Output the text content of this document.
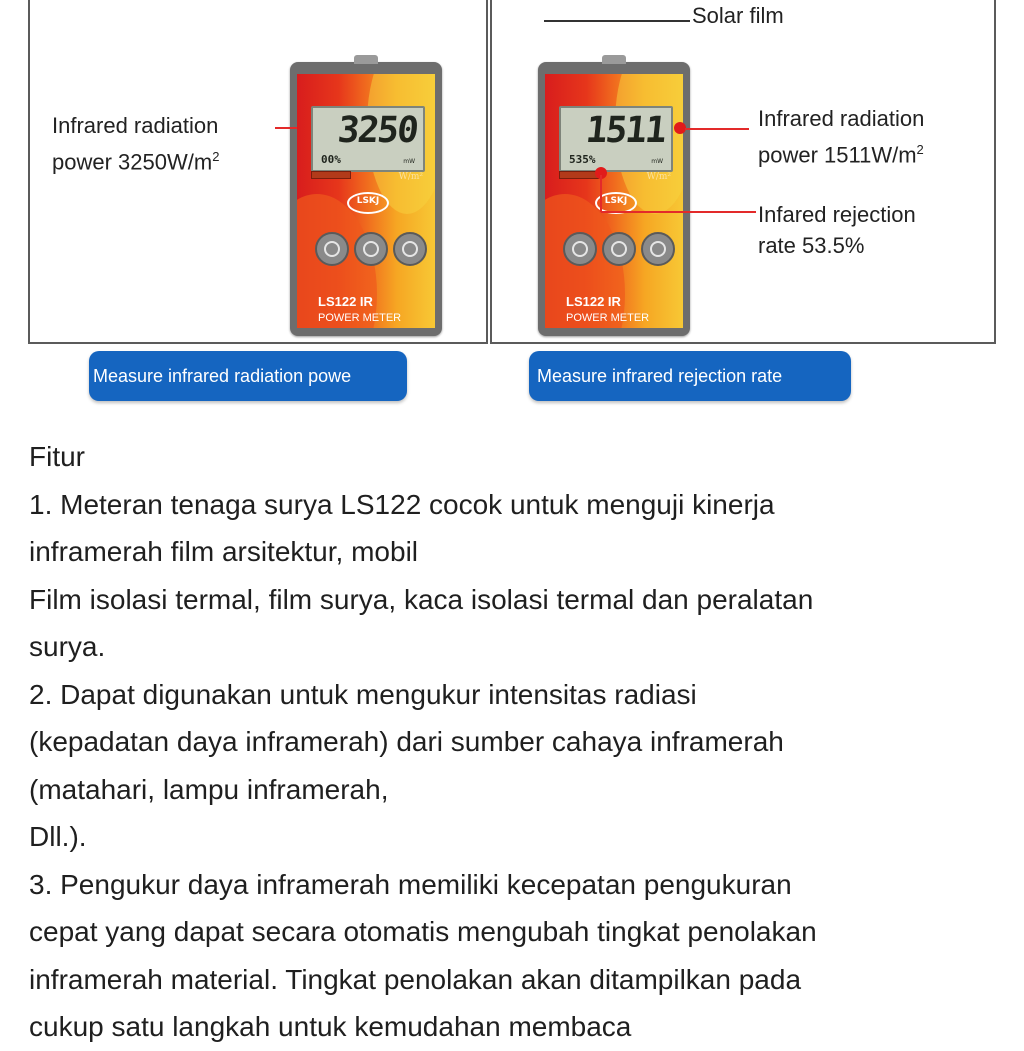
3250
00%	mW
W/m²
LSKJ
LS122 IR
POWER METER
Infrared radiation
power $3250W/m^2$
Solar film
1511
535%	mW
W/m²
LSKJ
LS122 IR
POWER METER
Infrared radiation
power $1511W/m^2$
Infared rejection
rate 53.5%
Measure infrared radiation powe	Measure infrared rejection rate

Fitur

1. Meteran tenaga surya LS122 cocok untuk menguji kinerja

inframerah film arsitektur, mobil

Film isolasi termal, film surya, kaca isolasi termal dan peralatan

surya.

2. Dapat digunakan untuk mengukur intensitas radiasi

(kepadatan daya inframerah) dari sumber cahaya inframerah

(matahari, lampu inframerah,

Dll.).

3. Pengukur daya inframerah memiliki kecepatan pengukuran

cepat yang dapat secara otomatis mengubah tingkat penolakan

inframerah material. Tingkat penolakan akan ditampilkan pada

cukup satu langkah untuk kemudahan membaca
